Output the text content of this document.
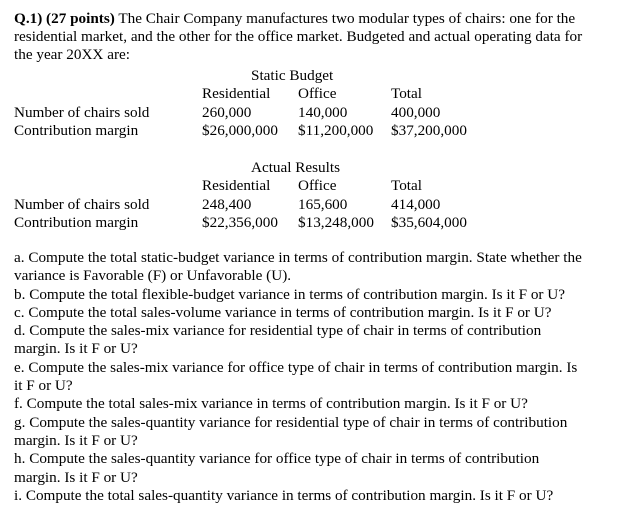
Q.1) (27 points) The Chair Company manufactures two modular types of chairs: one for the
residential market, and the other for the office market. Budgeted and actual operating data for
the year 20XX are:
Static Budget
Residential Office	Total
Number of chairs sold	260,000	140,000	400,000
Contribution margin	$26,000,000 $11,200,000 $37,200,000
Actual Results
Residential Office	Total
Number of chairs sold	248,400	165,600	414,000
Contribution margin	$22,356,000 $13,248,000 $35,604,000
a. Compute the total static-budget variance in terms of contribution margin. State whether the
variance is Favorable (F) or Unfavorable (U).
b. Compute the total flexible-budget variance in terms of contribution margin. Is it F or U?
c. Compute the total sales-volume variance in terms of contribution margin. Is it F or U?
d. Compute the sales-mix variance for residential type of chair in terms of contribution
margin. Is it F or U?
e. Compute the sales-mix variance for office type of chair in terms of contribution margin. Is
it F or U?
f. Compute the total sales-mix variance in terms of contribution margin. Is it F or U?
g. Compute the sales-quantity variance for residential type of chair in terms of contribution
margin. Is it F or U?
h. Compute the sales-quantity variance for office type of chair in terms of contribution
margin. Is it F or U?
i. Compute the total sales-quantity variance in terms of contribution margin. Is it F or U?
